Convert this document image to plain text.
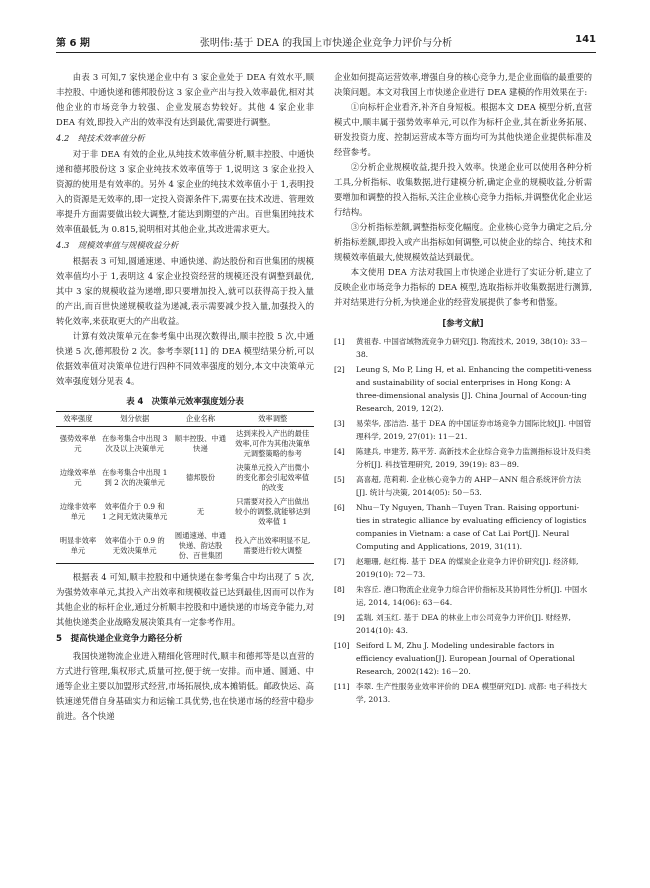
第 6 期	张明伟:基于 DEA 的我国上市快递企业竞争力评价与分析	141

由表 3 可知,7 家快递企业中有 3 家企业处于 DEA 有效水平,顺丰控股、中通快递和德邦股份这 3 家企业产出与投入效率最优,相对其他企业的市场竞争力较强、企业发展态势较好。其他 4 家企业非 DEA 有效,即投入产出的效率没有达到最优,需要进行调整。

4.2　纯技术效率值分析

对于非 DEA 有效的企业,从纯技术效率值分析,顺丰控股、中通快递和德邦股份这 3 家企业纯技术效率值等于 1,说明这 3 家企业投入资源的使用是有效率的。另外 4 家企业的纯技术效率值小于 1,表明投入的资源是无效率的,即一定投入资源条件下,需要在技术改进、管理效率提升方面需要做出较大调整,才能达到期望的产出。百世集团纯技术效率值最低,为 0.815,说明相对其他企业,其改进需求更大。

4.3　规模效率值与规模收益分析

根据表 3 可知,圆通速递、申通快递、韵达股份和百世集团的规模效率值均小于 1,表明这 4 家企业投资经营的规模还没有调整到最优,其中 3 家的规模收益为递增,即只要增加投入,就可以获得高于投入量的产出,而百世快递规模收益为递减,表示需要减少投入量,加强投入的转化效率,来获取更大的产出收益。

计算有效决策单元在参考集中出现次数得出,顺丰控股 5 次,中通快递 5 次,德邦股份 2 次。参考李翠[11] 的 DEA 模型结果分析,可以依据效率值对决策单位进行四种不同效率强度的划分,本文中决策单元效率强度划分见表 4。

表 4　决策单元效率强度划分表
效率强度	划分依据	企业名称	效率调整
强势效率单元	在参考集合中出现 3 次及以上决策单元	顺丰控股、中通快递	达到来投入产出的最佳效率,可作为其他决策单元调整策略的参考
边缘效率单元	在参考集合中出现 1 到 2 次的决策单元	德邦股份	决策单元投入产出微小的变化都会引起效率值的改变
边缘非效率单元	效率值介于 0.9 和 1 之间无效决策单元	无	只需要对投入产出做出较小的调整,就能够达到效率值 1
明显非效率单元	效率值小于 0.9 的无效决策单元	圆通速递、申通快递、韵达股份、百世集团	投入产出效率明显不足,需要进行较大调整

根据表 4 可知,顺丰控股和中通快递在参考集合中均出现了 5 次,为强势效率单元,其投入产出效率和规模收益已达到最佳,因而可以作为其他企业的标杆企业,通过分析顺丰控股和中通快递的市场竞争能力,对其他快递类企业战略发展决策具有一定参考作用。

5　提高快递企业竞争力路径分析

我国快递物流企业进入精细化管理时代,顺丰和德邦等是以直营的方式进行管理,集权形式,质量可控,便于统一安排。而申通、圆通、中通等企业主要以加盟形式经营,市场拓展快,成本摊销低。邮政快运、高铁速递凭借自身基础实力和运输工具优势,也在快递市场的经营中稳步前进。各个快递

企业如何提高运营效率,增强自身的核心竞争力,是企业面临的最重要的决策问题。本文对我国上市快递企业进行 DEA 建模的作用效果在于:

①向标杆企业看齐,补齐自身短板。根据本文 DEA 模型分析,直营模式中,顺丰属于强势效率单元,可以作为标杆企业,其在新业务拓展、研发投资力度、控制运营成本等方面均可为其他快递企业提供标准及经营参考。

②分析企业规模收益,提升投入效率。快递企业可以使用各种分析工具,分析指标、收集数据,进行建模分析,确定企业的规模收益,分析需要增加和调整的投入指标,关注企业核心竞争力指标,并调整优化企业运行结构。

③分析指标差额,调整指标变化幅度。企业核心竞争力确定之后,分析指标差额,即投入或产出指标如何调整,可以使企业的综合、纯技术和规模效率值最大,使规模效益达到最优。

本文使用 DEA 方法对我国上市快递企业进行了实证分析,建立了反映企业市场竞争力指标的 DEA 模型,选取指标并收集数据进行测算,并对结果进行分析,为快递企业的经营发展提供了参考和借鉴。

[参考文献]

[1] 黄祖春. 中国省域物流竞争力研究[J]. 物流技术, 2019, 38(10): 33－38.

[2] Leung S, Mo P, Ling H, et al. Enhancing the competiti-veness and sustainability of social enterprises in Hong Kong: A three-dimensional analysis [J]. China Journal of Accoun-ting Research, 2019, 12(2).

[3] 易荣华, 邵洁浩. 基于 DEA 的中国证券市场竞争力国际比较[J]. 中国管理科学, 2019, 27(01): 11－21.

[4] 陈建兵, 申建芳, 陈平芳. 高新技术企业综合竞争力监测指标设计及归类分析[J]. 科技管理研究, 2019, 39(19): 83－89.

[5] 高喜超, 范莉莉. 企业核心竞争力的 AHP－ANN 组合系统评价方法[J]. 统计与决策, 2014(05): 50－53.

[6] Nhu－Ty Nguyen, Thanh－Tuyen Tran. Raising opportuni-ties in strategic alliance by evaluating efficiency of logistics companies in Vietnam: a case of Cat Lai Port[J]. Neural Computing and Applications, 2019, 31(11).

[7] 赵珊珊, 赵红梅. 基于 DEA 的煤炭企业竞争力评价研究[J]. 经济师, 2019(10): 72－73.

[8] 朱容丘. 港口物流企业竞争力综合评价指标及其协同性分析[J]. 中国水运, 2014, 14(06): 63－64.

[9] 孟瑞, 刘玉红. 基于 DEA 的林业上市公司竞争力评价[J]. 财经界, 2014(10): 43.

[10] Seiford L M, Zhu J. Modeling undesirable factors in efficiency evaluation[J]. European Journal of Operational Research, 2002(142): 16－20.

[11] 李翠. 生产性服务业效率评价的 DEA 模型研究[D]. 成都: 电子科技大学, 2013.
